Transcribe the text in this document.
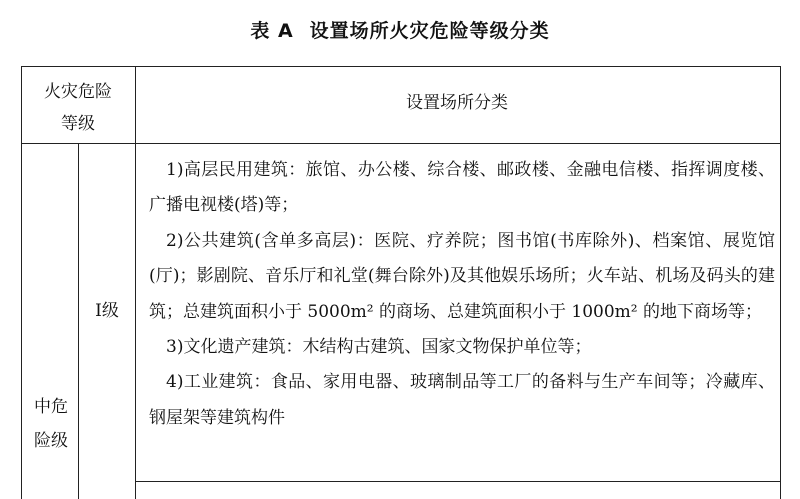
表 A 设置场所火灾危险等级分类
火灾危险
等级
设置场所分类
中危
险级
Ⅰ级
1)高层民用建筑：旅馆、办公楼、综合楼、邮政楼、金融电信楼、指挥调度楼、广播电视楼(塔)等；
2)公共建筑(含单多高层)：医院、疗养院；图书馆(书库除外)、档案馆、展览馆(厅)；影剧院、音乐厅和礼堂(舞台除外)及其他娱乐场所；火车站、机场及码头的建筑；总建筑面积小于 5000m² 的商场、总建筑面积小于 1000m² 的地下商场等；
3)文化遗产建筑：木结构古建筑、国家文物保护单位等；
4)工业建筑：食品、家用电器、玻璃制品等工厂的备料与生产车间等；冷藏库、钢屋架等建筑构件
